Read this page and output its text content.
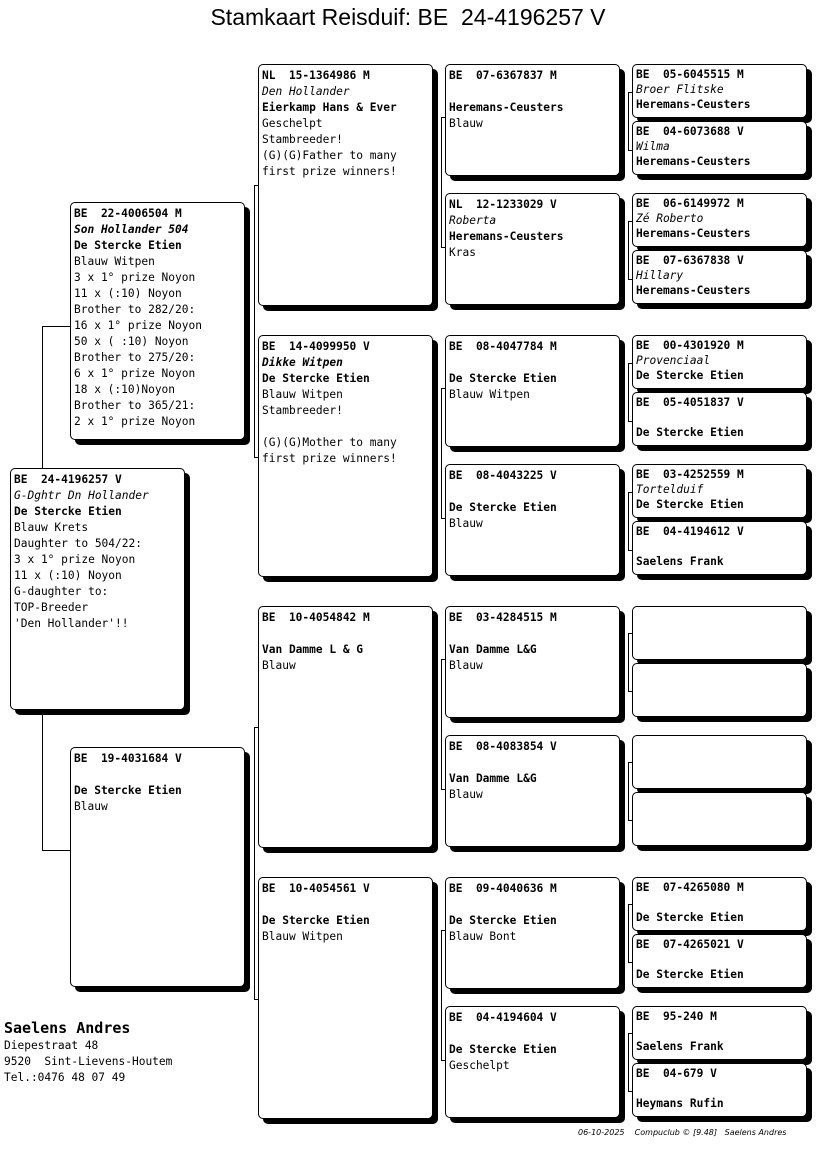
Stamkaart Reisduif: BE  24-4196257 V
BE  24-4196257 V
G-Dghtr Dn Hollander
De Stercke Etien
Blauw Krets
Daughter to 504/22:
3 x 1° prize Noyon
11 x (:10) Noyon
G-daughter to:
TOP-Breeder
'Den Hollander'!!
BE  22-4006504 M
Son Hollander 504
De Stercke Etien
Blauw Witpen
3 x 1° prize Noyon
11 x (:10) Noyon
Brother to 282/20:
16 x 1° prize Noyon
50 x ( :10) Noyon
Brother to 275/20:
6 x 1° prize Noyon
18 x (:10)Noyon
Brother to 365/21:
2 x 1° prize Noyon
BE  19-4031684 V
De Stercke Etien
Blauw
NL  15-1364986 M
Den Hollander
Eierkamp Hans & Ever
Geschelpt
Stambreeder!
(G)(G)Father to many
first prize winners!
BE  14-4099950 V
Dikke Witpen
De Stercke Etien
Blauw Witpen
Stambreeder!
(G)(G)Mother to many
first prize winners!
BE  10-4054842 M
Van Damme L & G
Blauw
BE  10-4054561 V
De Stercke Etien
Blauw Witpen
BE  07-6367837 M
Heremans-Ceusters
Blauw
NL  12-1233029 V
Roberta
Heremans-Ceusters
Kras
BE  08-4047784 M
De Stercke Etien
Blauw Witpen
BE  08-4043225 V
De Stercke Etien
Blauw
BE  03-4284515 M
Van Damme L&G
Blauw
BE  08-4083854 V
Van Damme L&G
Blauw
BE  09-4040636 M
De Stercke Etien
Blauw Bont
BE  04-4194604 V
De Stercke Etien
Geschelpt
BE  05-6045515 M
Broer Flitske
Heremans-Ceusters
BE  04-6073688 V
Wilma
Heremans-Ceusters
BE  06-6149972 M
Zé Roberto
Heremans-Ceusters
BE  07-6367838 V
Hillary
Heremans-Ceusters
BE  00-4301920 M
Provenciaal
De Stercke Etien
BE  05-4051837 V
De Stercke Etien
BE  03-4252559 M
Tortelduif
De Stercke Etien
BE  04-4194612 V
Saelens Frank
BE  07-4265080 M
De Stercke Etien
BE  07-4265021 V
De Stercke Etien
BE  95-240 M
Saelens Frank
BE  04-679 V
Heymans Rufin
Saelens Andres
Diepestraat 48
9520  Sint-Lievens-Houtem
Tel.:0476 48 07 49
06-10-2025    Compuclub © [9.48]   Saelens Andres
